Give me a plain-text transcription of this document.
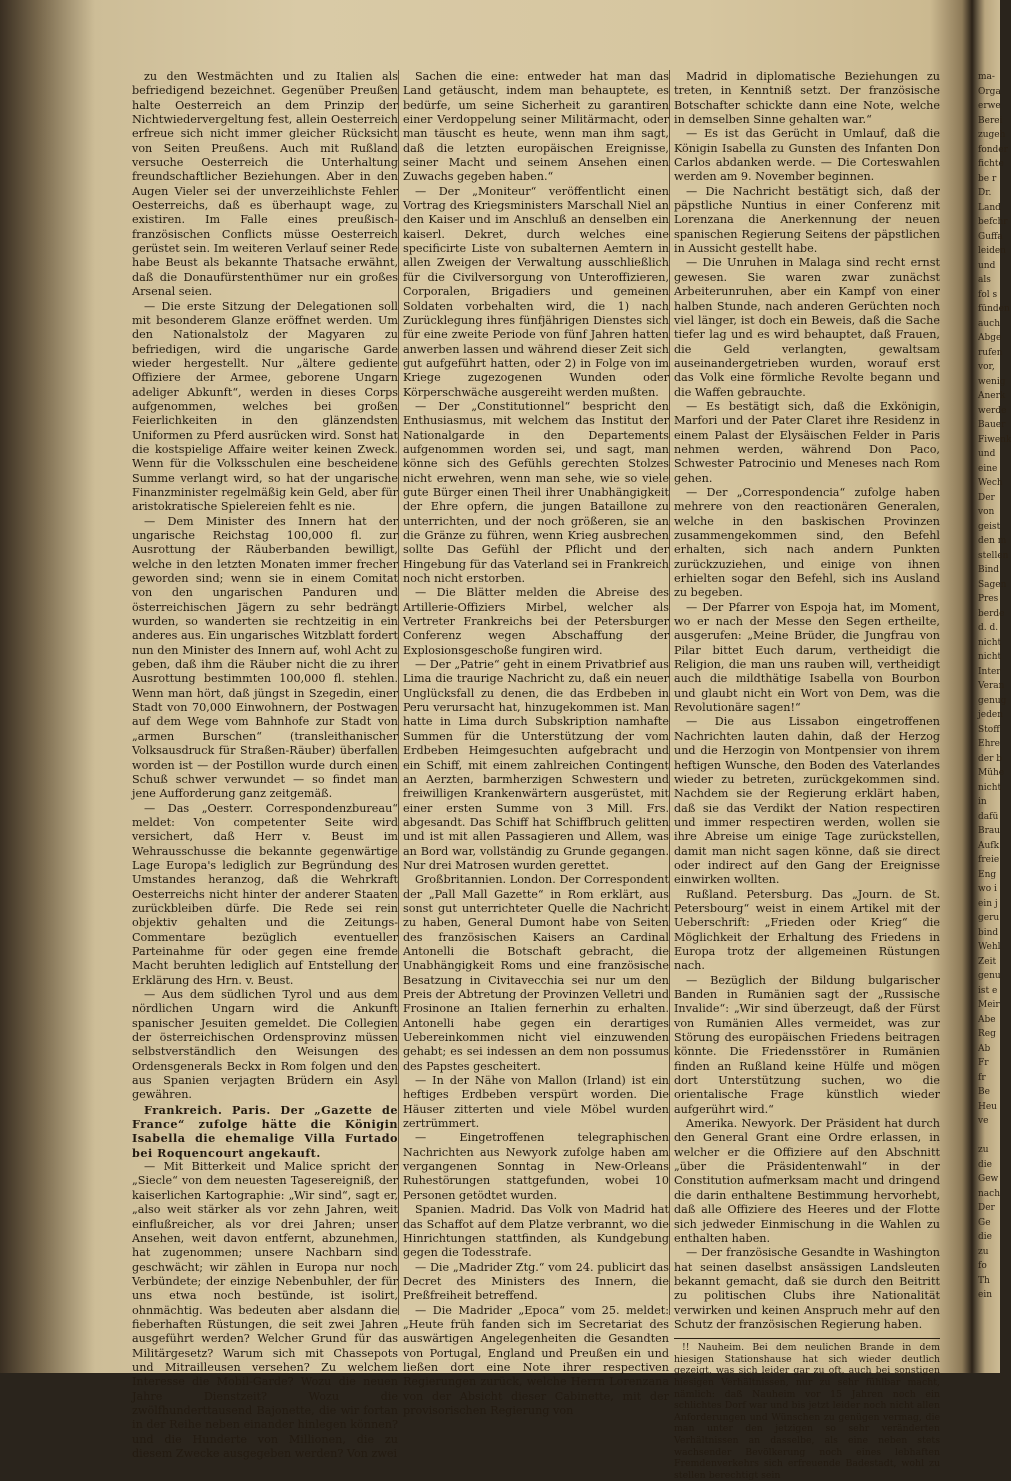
zu den Westmächten und zu Italien als befriedigend bezeichnet. Gegenüber Preußen halte Oesterreich an dem Prinzip der Nichtwiedervergeltung fest, allein Oesterreich erfreue sich nicht immer gleicher Rücksicht von Seiten Preußens. Auch mit Rußland versuche Oesterreich die Unterhaltung freundschaftlicher Beziehungen. Aber in den Augen Vieler sei der unverzeihlichste Fehler Oesterreichs, daß es überhaupt wage, zu existiren. Im Falle eines preußisch-französischen Conflicts müsse Oesterreich gerüstet sein. Im weiteren Verlauf seiner Rede habe Beust als bekannte Thatsache erwähnt, daß die Donaufürstenthümer nur ein großes Arsenal seien.

— Die erste Sitzung der Delegationen soll mit besonderem Glanze eröffnet werden. Um den Nationalstolz der Magyaren zu befriedigen, wird die ungarische Garde wieder hergestellt. Nur „ältere gediente Offiziere der Armee, geborene Ungarn adeliger Abkunft“, werden in dieses Corps aufgenommen, welches bei großen Feierlichkeiten in den glänzendsten Uniformen zu Pferd ausrücken wird. Sonst hat die kostspielige Affaire weiter keinen Zweck. Wenn für die Volksschulen eine bescheidene Summe verlangt wird, so hat der ungarische Finanzminister regelmäßig kein Geld, aber für aristokratische Spielereien fehlt es nie.

— Dem Minister des Innern hat der ungarische Reichstag 100,000 fl. zur Ausrottung der Räuberbanden bewilligt, welche in den letzten Monaten immer frecher geworden sind; wenn sie in einem Comitat von den ungarischen Panduren und österreichischen Jägern zu sehr bedrängt wurden, so wanderten sie rechtzeitig in ein anderes aus. Ein ungarisches Witzblatt fordert nun den Minister des Innern auf, wohl Acht zu geben, daß ihm die Räuber nicht die zu ihrer Ausrottung bestimmten 100,000 fl. stehlen. Wenn man hört, daß jüngst in Szegedin, einer Stadt von 70,000 Einwohnern, der Postwagen auf dem Wege vom Bahnhofe zur Stadt von „armen Burschen“ (transleithanischer Volksausdruck für Straßen-Räuber) überfallen worden ist — der Postillon wurde durch einen Schuß schwer verwundet — so findet man jene Aufforderung ganz zeitgemäß.

— Das „Oesterr. Correspondenzbureau“ meldet: Von competenter Seite wird versichert, daß Herr v. Beust im Wehrausschusse die bekannte gegenwärtige Lage Europa's lediglich zur Begründung des Umstandes heranzog, daß die Wehrkraft Oesterreichs nicht hinter der anderer Staaten zurückbleiben dürfe. Die Rede sei rein objektiv gehalten und die Zeitungs-Commentare bezüglich eventueller Parteinahme für oder gegen eine fremde Macht beruhten lediglich auf Entstellung der Erklärung des Hrn. v. Beust.

— Aus dem südlichen Tyrol und aus dem nördlichen Ungarn wird die Ankunft spanischer Jesuiten gemeldet. Die Collegien der österreichischen Ordensprovinz müssen selbstverständlich den Weisungen des Ordensgenerals Beckx in Rom folgen und den aus Spanien verjagten Brüdern ein Asyl gewähren.

Frankreich. Paris. Der „Gazette de France“ zufolge hätte die Königin Isabella die ehemalige Villa Furtado bei Roquencourt angekauft.

— Mit Bitterkeit und Malice spricht der „Siecle“ von dem neuesten Tagesereigniß, der kaiserlichen Kartographie: „Wir sind“, sagt er, „also weit stärker als vor zehn Jahren, weit einflußreicher, als vor drei Jahren; unser Ansehen, weit davon entfernt, abzunehmen, hat zugenommen; unsere Nachbarn sind geschwächt; wir zählen in Europa nur noch Verbündete; der einzige Nebenbuhler, der für uns etwa noch bestünde, ist isolirt, ohnmächtig. Was bedeuten aber alsdann die fieberhaften Rüstungen, die seit zwei Jahren ausgeführt werden? Welcher Grund für das Militärgesetz? Warum sich mit Chassepots und Mitrailleusen versehen? Zu welchem Interesse die Mobil-Garde? Wozu die neuen Jahre Dienstzeit? Wozu die zwölfhunderttausend Bajonette, die wir fortan in der Reihe neben einander hinlegen können? und die Hunderte von Millionen, die zu diesem Zwecke ausgegeben werden? Von zwei

Sachen die eine: entweder hat man das Land getäuscht, indem man behauptete, es bedürfe, um seine Sicherheit zu garantiren einer Verdoppelung seiner Militärmacht, oder man täuscht es heute, wenn man ihm sagt, daß die letzten europäischen Ereignisse, seiner Macht und seinem Ansehen einen Zuwachs gegeben haben.“

— Der „Moniteur“ veröffentlicht einen Vortrag des Kriegsministers Marschall Niel an den Kaiser und im Anschluß an denselben ein kaiserl. Dekret, durch welches eine specificirte Liste von subalternen Aemtern in allen Zweigen der Verwaltung ausschließlich für die Civilversorgung von Unteroffizieren, Corporalen, Brigadiers und gemeinen Soldaten vorbehalten wird, die 1) nach Zurücklegung ihres fünfjährigen Dienstes sich für eine zweite Periode von fünf Jahren hatten anwerben lassen und während dieser Zeit sich gut aufgeführt hatten, oder 2) in Folge von im Kriege zugezogenen Wunden oder Körperschwäche ausgereiht werden mußten.

— Der „Constitutionnel“ bespricht den Enthusiasmus, mit welchem das Institut der Nationalgarde in den Departements aufgenommen worden sei, und sagt, man könne sich des Gefühls gerechten Stolzes nicht erwehren, wenn man sehe, wie so viele gute Bürger einen Theil ihrer Unabhängigkeit der Ehre opfern, die jungen Bataillone zu unterrichten, und der noch größeren, sie an die Gränze zu führen, wenn Krieg ausbrechen sollte Das Gefühl der Pflicht und der Hingebung für das Vaterland sei in Frankreich noch nicht erstorben.

— Die Blätter melden die Abreise des Artillerie-Offiziers Mirbel, welcher als Vertreter Frankreichs bei der Petersburger Conferenz wegen Abschaffung der Explosionsgeschoße fungiren wird.

— Der „Patrie“ geht in einem Privatbrief aus Lima die traurige Nachricht zu, daß ein neuer Unglücksfall zu denen, die das Erdbeben in Peru verursacht hat, hinzugekommen ist. Man hatte in Lima durch Subskription namhafte Summen für die Unterstützung der vom Erdbeben Heimgesuchten aufgebracht und ein Schiff, mit einem zahlreichen Contingent an Aerzten, barmherzigen Schwestern und freiwilligen Krankenwärtern ausgerüstet, mit einer ersten Summe von 3 Mill. Frs. abgesandt. Das Schiff hat Schiffbruch gelitten und ist mit allen Passagieren und Allem, was an Bord war, vollständig zu Grunde gegangen. Nur drei Matrosen wurden gerettet.

Großbritannien. London. Der Correspondent der „Pall Mall Gazette“ in Rom erklärt, aus sonst gut unterrichteter Quelle die Nachricht zu haben, General Dumont habe von Seiten des französischen Kaisers an Cardinal Antonelli die Botschaft gebracht, die Unabhängigkeit Roms und eine französische Besatzung in Civitavecchia sei nur um den Preis der Abtretung der Provinzen Velletri und Frosinone an Italien fernerhin zu erhalten. Antonelli habe gegen ein derartiges Uebereinkommen nicht viel einzuwenden gehabt; es sei indessen an dem non possumus des Papstes gescheitert.

— In der Nähe von Mallon (Irland) ist ein heftiges Erdbeben verspürt worden. Die Häuser zitterten und viele Möbel wurden zertrümmert.

— Eingetroffenen telegraphischen Nachrichten aus Newyork zufolge haben am vergangenen Sonntag in New-Orleans Ruhestörungen stattgefunden, wobei 10 Personen getödtet wurden.

Spanien. Madrid. Das Volk von Madrid hat das Schaffot auf dem Platze verbrannt, wo die Hinrichtungen stattfinden, als Kundgebung gegen die Todesstrafe.

— Die „Madrider Ztg.“ vom 24. publicirt das Decret des Ministers des Innern, die Preßfreiheit betreffend.

— Die Madrider „Epoca“ vom 25. meldet: „Heute früh fanden sich im Secretariat des auswärtigen Angelegenheiten die Gesandten von Portugal, England und Preußen ein und ließen dort eine Note ihrer respectiven Regierungen zurück, welche Herrn Lorenzana von der Absicht dieser Cabinette, mit der provisorischen Regierung von

Madrid in diplomatische Beziehungen zu treten, in Kenntniß setzt. Der französische Botschafter schickte dann eine Note, welche in demselben Sinne gehalten war.“

— Es ist das Gerücht in Umlauf, daß die Königin Isabella zu Gunsten des Infanten Don Carlos abdanken werde. — Die Corteswahlen werden am 9. November beginnen.

— Die Nachricht bestätigt sich, daß der päpstliche Nuntius in einer Conferenz mit Lorenzana die Anerkennung der neuen spanischen Regierung Seitens der päpstlichen in Aussicht gestellt habe.

— Die Unruhen in Malaga sind recht ernst gewesen. Sie waren zwar zunächst Arbeiterunruhen, aber ein Kampf von einer halben Stunde, nach anderen Gerüchten noch viel länger, ist doch ein Beweis, daß die Sache tiefer lag und es wird behauptet, daß Frauen, die Geld verlangten, gewaltsam auseinandergetrieben wurden, worauf erst das Volk eine förmliche Revolte begann und die Waffen gebrauchte.

— Es bestätigt sich, daß die Exkönigin, Marfori und der Pater Claret ihre Residenz in einem Palast der Elysäischen Felder in Paris nehmen werden, während Don Paco, Schwester Patrocinio und Meneses nach Rom gehen.

— Der „Correspondencia“ zufolge haben mehrere von den reactionären Generalen, welche in den baskischen Provinzen zusammengekommen sind, den Befehl erhalten, sich nach andern Punkten zurückzuziehen, und einige von ihnen erhielten sogar den Befehl, sich ins Ausland zu begeben.

— Der Pfarrer von Espoja hat, im Moment, wo er nach der Messe den Segen ertheilte, ausgerufen: „Meine Brüder, die Jungfrau von Pilar bittet Euch darum, vertheidigt die Religion, die man uns rauben will, vertheidigt auch die mildthätige Isabella von Bourbon und glaubt nicht ein Wort von Dem, was die Revolutionäre sagen!“

— Die aus Lissabon eingetroffenen Nachrichten lauten dahin, daß der Herzog und die Herzogin von Montpensier von ihrem heftigen Wunsche, den Boden des Vaterlandes wieder zu betreten, zurückgekommen sind. Nachdem sie der Regierung erklärt haben, daß sie das Verdikt der Nation respectiren und immer respectiren werden, wollen sie ihre Abreise um einige Tage zurückstellen, damit man nicht sagen könne, daß sie direct oder indirect auf den Gang der Ereignisse einwirken wollten.

Rußland. Petersburg. Das „Journ. de St. Petersbourg“ weist in einem Artikel mit der Ueberschrift: „Frieden oder Krieg“ die Möglichkeit der Erhaltung des Friedens in Europa trotz der allgemeinen Rüstungen nach.

— Bezüglich der Bildung bulgarischer Banden in Rumänien sagt der „Russische Invalide“: „Wir sind überzeugt, daß der Fürst von Rumänien Alles vermeidet, was zur Störung des europäischen Friedens beitragen könnte. Die Friedensstörer in Rumänien finden an Rußland keine Hülfe und mögen dort Unterstützung suchen, wo die orientalische Frage künstlich wieder aufgerührt wird.“

Amerika. Newyork. Der Präsident hat durch den General Grant eine Ordre erlassen, in welcher er die Offiziere auf den Abschnitt „über die Präsidentenwahl“ in der Constitution aufmerksam macht und dringend die darin enthaltene Bestimmung hervorhebt, daß alle Offiziere des Heeres und der Flotte sich jedweder Einmischung in die Wahlen zu enthalten haben.

— Der französische Gesandte in Washington hat seinen daselbst ansässigen Landsleuten bekannt gemacht, daß sie durch den Beitritt zu politischen Clubs ihre Nationalität verwirken und keinen Anspruch mehr auf den Schutz der französischen Regierung haben.

!! Nauheim. Bei dem neulichen Brande in dem hiesigen Stationshause hat sich wieder deutlich gezeigt, was sich leider gar zu oft, auch bei sonstigen hiesigen Verhältnissen, nur zu sehr fühlbar macht, nämlich: daß Nauheim vor 15 Jahren noch ein schlichtes Dorf war und bis jetzt leider noch nicht allen Anforderungen und Wünschen zu genügen vermag, die man unter den jetzigen so sehr veränderten Verhältnissen an dasselbe, als eine neben stets wachsender Bevölkerung noch eines lebhaften Fremdenverkehrs sich erfreuende Badestadt, wohl zu stellen berechtigt sein

ma-
Orga
erwe
Berei
zugeh
fonder
fichte
be r
Dr.
Land
befchr
Guffa
leiden
und
als
fol s
fünden
auch
Abge
rufen
vor,
wenig
Anerk
werde
Bauer
Fiwenk
und
eine
Wech
Der
von
geist
den m
stellen
Bind
Sagen
Pres
berde
d. d.
nicht
nicht
Inter
Veran
genug
jeden
Stoff
Ehre
der b
Mühe
nicht
in
dafü
Brau
Aufk
freie
Eng
wo i
ein j
geru
bind
Wehl
Zeit
genu
ist e
Meir
Abe
Reg
Ab
Fr
fr
Be
Heu
ve
zu
die
Gew
nach
Der
Ge
die
zu
fo
Th
ein
